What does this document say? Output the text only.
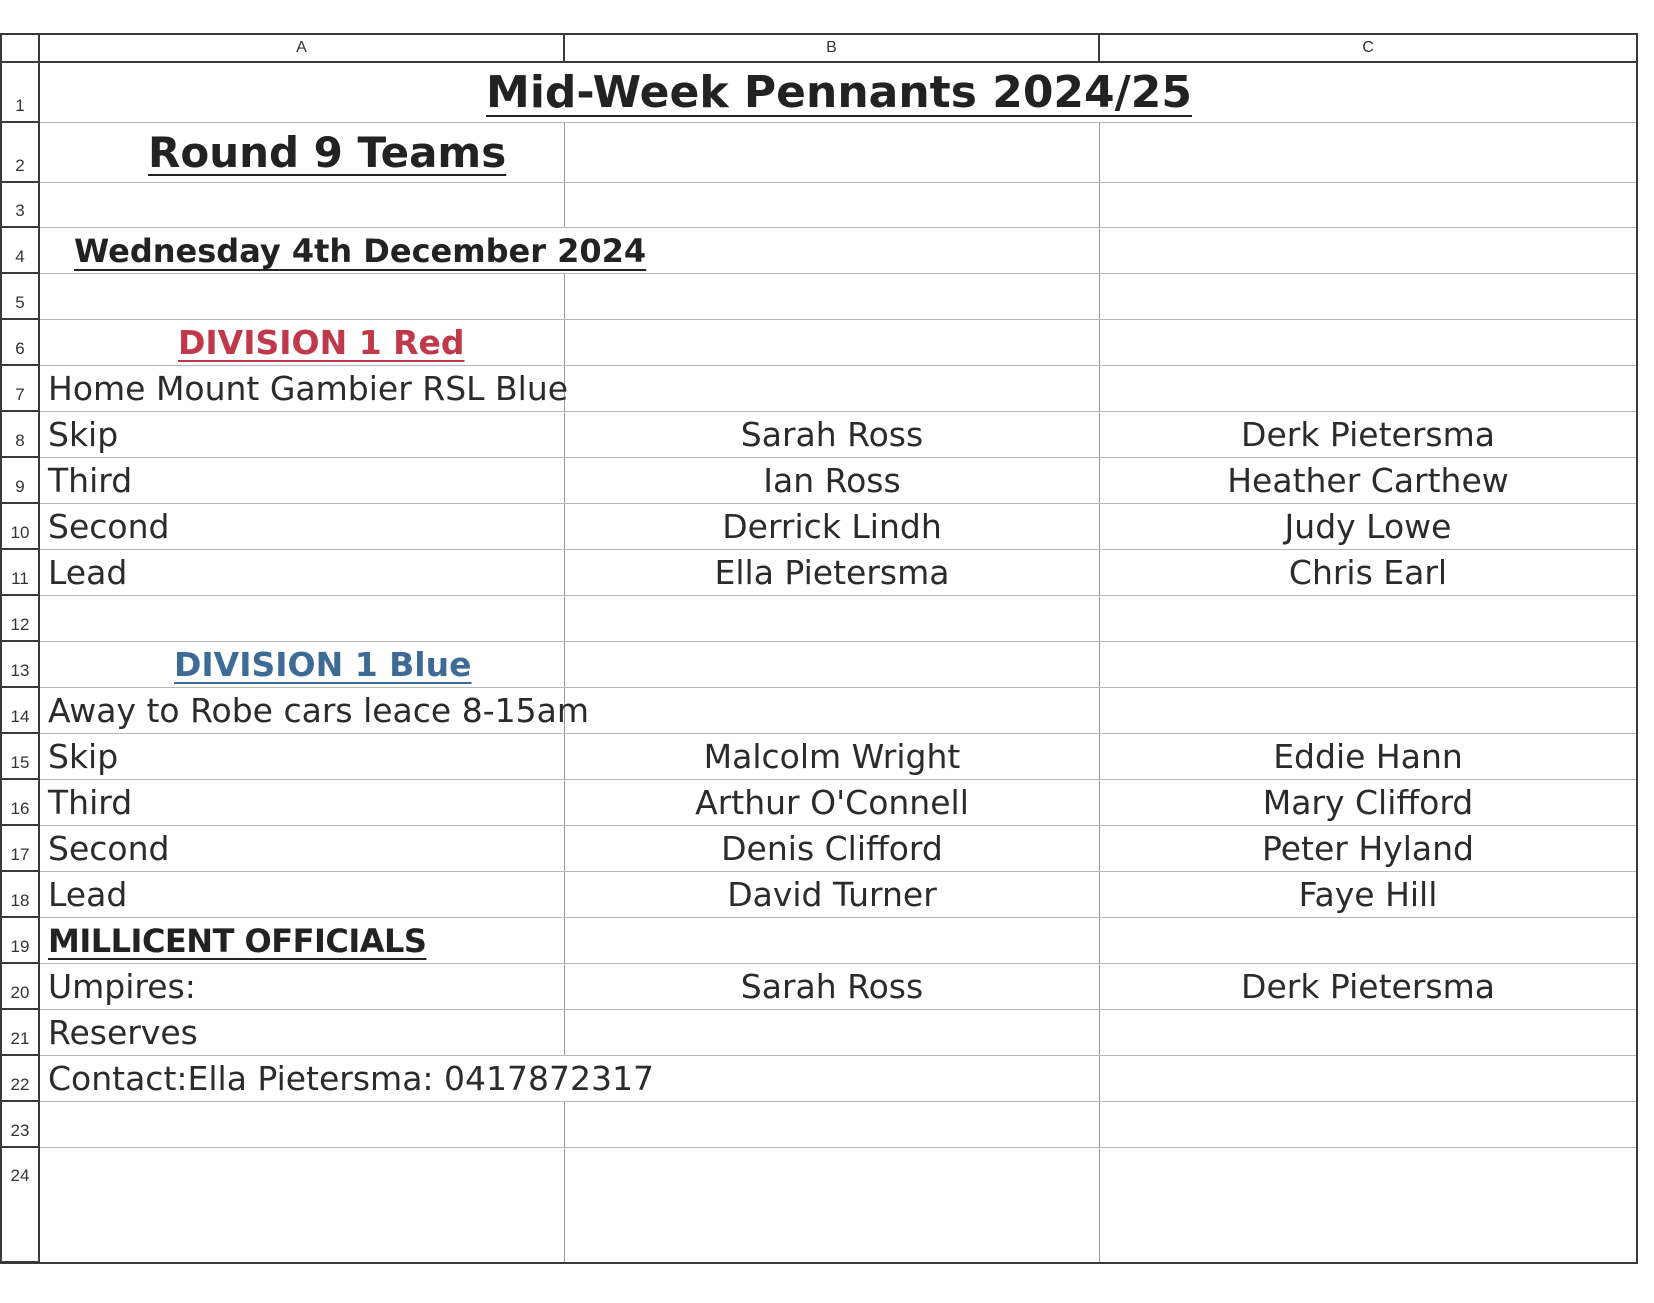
A	B	C
1	Mid-Week Pennants 2024/25
2	Round 9 Teams
3
4	Wednesday 4th December 2024
5
6	DIVISION 1 Red
7 Home Mount Gambier RSL Blue
8 Skip	Sarah Ross	Derk Pietersma
9 Third	Ian Ross	Heather Carthew
10 Second	Derrick Lindh	Judy Lowe
11 Lead	Ella Pietersma	Chris Earl
12
13	DIVISION 1 Blue
14 Away to Robe cars leace 8-15am
15 Skip	Malcolm Wright	Eddie Hann
16 Third	Arthur O'Connell	Mary Clifford
17 Second	Denis Clifford	Peter Hyland
18 Lead	David Turner	Faye Hill
19 MILLICENT OFFICIALS
20 Umpires:	Sarah Ross	Derk Pietersma
21 Reserves
22 Contact:Ella Pietersma: 0417872317
23
24
